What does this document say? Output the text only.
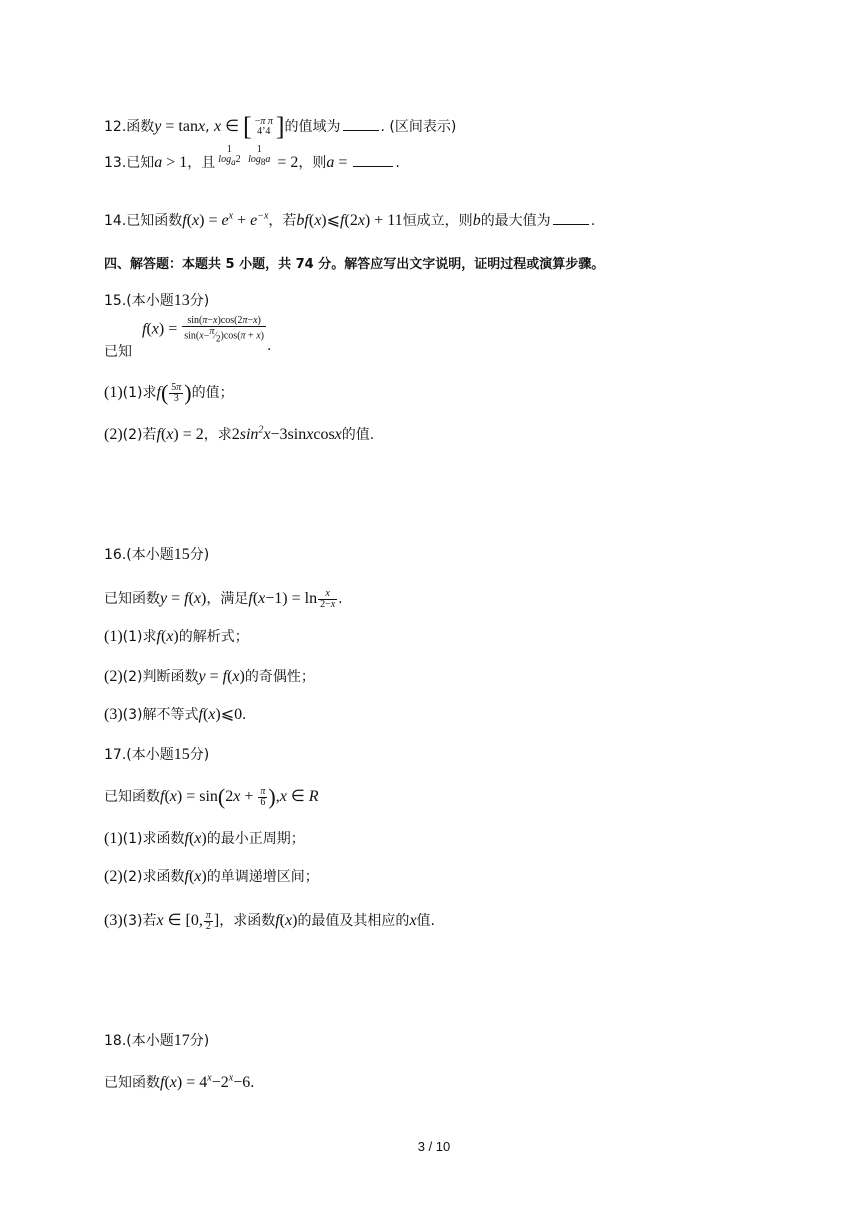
12.函数y = tanx, x ∈ [ −π π
4’4 ]的值域为	. (区间表示)
13.已知a > 1，且
1          1
$\log_a2$   $\log_8a = 2$，则a =	.
14.已知函数$f(x) = e^x + e^{-x}$，若bf(x)⩽f(2x) + 11恒成立，则b的最大值为	.
四、解答题：本题共 5 小题，共 74 分。解答应写出文字说明，证明过程或演算步骤。
15.(本小题13分)
已知$f(x) = \frac{\sin(\pi-x)\cos(2\pi-x)}{\sin(x-^\pi⁄_2)\cos(\pi + x)}$
.
(1)(1)求$f( \frac{5\pi}{3}$ )的值；
(2)(2)若f(x) = 2，求$2\sin^2x-3sinxcosx$的值.
16.(本小题15分)
已知函数y = f(x)，满足$f(x-1) = \ln \frac{x}{2-x}$ .
(1)(1)求f(x)的解析式；
(2)(2)判断函数y = f(x)的奇偶性；
(3)(3)解不等式f(x)⩽0.
17.(本小题15分)
已知函数$f(x) = \sin(2x + \frac{\pi}{6} ),x$ ∈ R
(1)(1)求函数f(x)的最小正周期；
(2)(2)求函数f(x)的单调递增区间；
(3)(3)若x ∈ [0, $\frac{\pi}{2}$ ]，求函数f(x)的最值及其相应的x值.
18.(本小题17分)
已知函数$f(x) = 4^x-2^x-6$.
3 / 10
